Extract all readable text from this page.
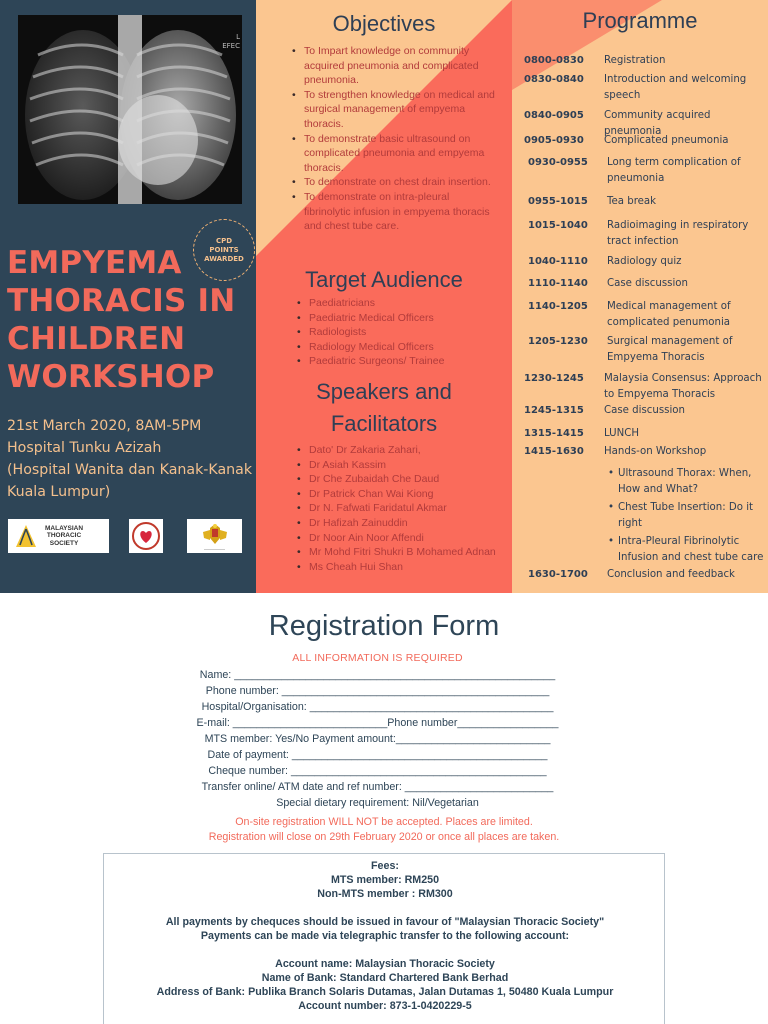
L
EFEC
CPD
POINTS
AWARDED
EMPYEMA
THORACIS IN
CHILDREN
WORKSHOP
21st March 2020, 8AM-5PM
Hospital Tunku Azizah
(Hospital Wanita dan Kanak-Kanak
Kuala Lumpur)
MALAYSIAN
THORACIC
SOCIETY
——————
Objectives
• To Impart knowledge on community acquired pneumonia and complicated pneumonia.
• To strengthen knowledge on medical and surgical management of empyema thoracis.
• To demonstrate basic ultrasound on complicated pneumonia and empyema thoracis.
• To demonstrate on chest drain insertion.
• To demonstrate on intra-pleural fibrinolytic infusion in empyema thoracis and chest tube care.
Target Audience
• Paediatricians
• Paediatric Medical Officers
• Radiologists
• Radiology Medical Officers
• Paediatric Surgeons/ Trainee
Speakers and
Facilitators
• Dato' Dr Zakaria Zahari,
• Dr Asiah Kassim
• Dr Che Zubaidah Che Daud
• Dr Patrick Chan Wai Kiong
• Dr N. Fafwati Faridatul Akmar
• Dr Hafizah Zainuddin
• Dr Noor Ain Noor Affendi
• Mr Mohd Fitri Shukri B Mohamed Adnan
• Ms Cheah Hui Shan
Programme
0800-0830 Registration
0830-0840 Introduction and welcoming speech
0840-0905 Community acquired pneumonia
0905-0930 Complicated pneumonia
0930-0955 Long term complication of pneumonia
0955-1015 Tea break
1015-1040 Radioimaging in respiratory tract infection
1040-1110 Radiology quiz
1110-1140 Case discussion
1140-1205 Medical management of complicated penumonia
1205-1230 Surgical management of Empyema Thoracis
1230-1245 Malaysia Consensus: Approach to Empyema Thoracis
1245-1315 Case discussion
1315-1415 LUNCH
1415-1630 Hands-on Workshop
• Ultrasound Thorax: When, How and What?
• Chest Tube Insertion: Do it right
• Intra-Pleural Fibrinolytic Infusion and chest tube care
1630-1700 Conclusion and feedback
Registration Form
ALL INFORMATION IS REQUIRED
Name: ______________________________________________________
Phone number: _____________________________________________
Hospital/Organisation: _________________________________________
E-mail: __________________________Phone number_________________
MTS member: Yes/No Payment amount:__________________________
Date of payment: ___________________________________________
Cheque number: ___________________________________________
Transfer online/ ATM date and ref number: _________________________
Special dietary requirement: Nil/Vegetarian
On-site registration WILL NOT be accepted. Places are limited.
Registration will close on 29th February 2020 or once all places are taken.
Fees:
MTS member: RM250
Non-MTS member : RM300
All payments by chequces should be issued in favour of "Malaysian Thoracic Society"
Payments can be made via telegraphic transfer to the following account:
Account name: Malaysian Thoracic Society
Name of Bank: Standard Chartered Bank Berhad
Address of Bank: Publika Branch Solaris Dutamas, Jalan Dutamas 1, 50480 Kuala Lumpur
Account number: 873-1-0420229-5
